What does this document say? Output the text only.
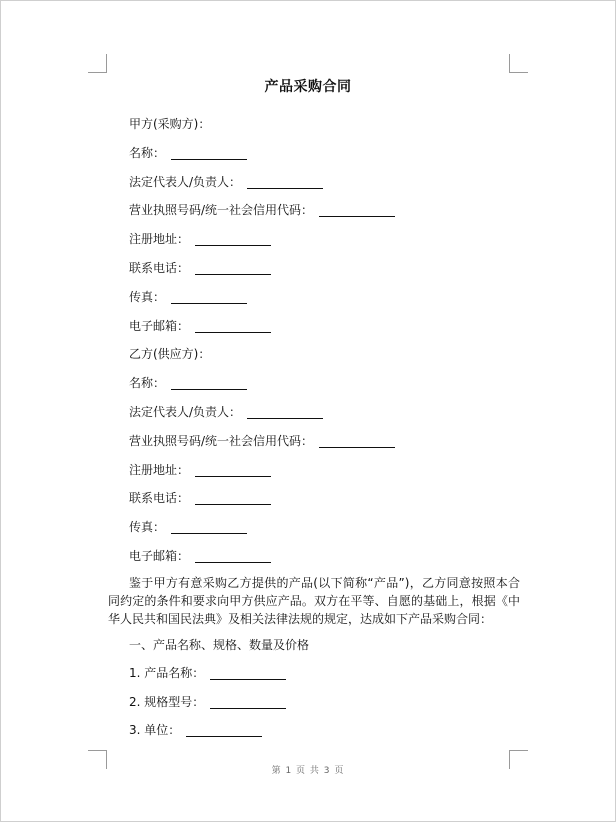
产品采购合同
甲方(采购方)：
名称：
法定代表人/负责人：
营业执照号码/统一社会信用代码：
注册地址：
联系电话：
传真：
电子邮箱：
乙方(供应方)：
名称：
法定代表人/负责人：
营业执照号码/统一社会信用代码：
注册地址：
联系电话：
传真：
电子邮箱：
鉴于甲方有意采购乙方提供的产品(以下简称“产品”)，乙方同意按照本合同约定的条件和要求向甲方供应产品。双方在平等、自愿的基础上，根据《中华人民共和国民法典》及相关法律法规的规定，达成如下产品采购合同：
一、产品名称、规格、数量及价格
1. 产品名称：
2. 规格型号：
3. 单位：
第 1 页 共 3 页
